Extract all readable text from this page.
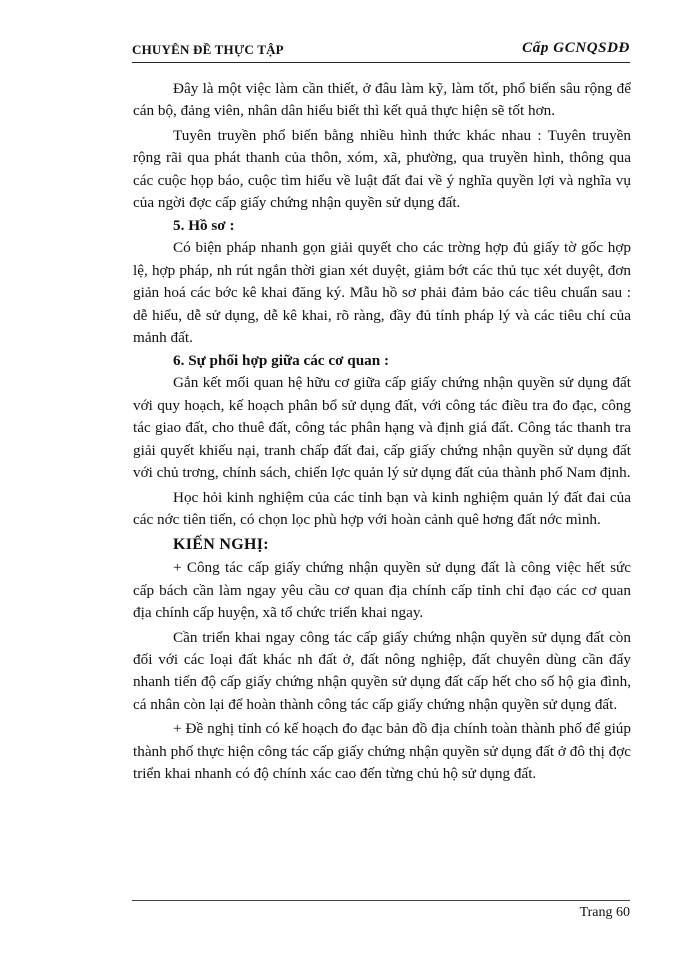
CHUYÊN ĐỀ THỰC TẬP	Cấp GCNQSDĐ

Đây là một việc làm cần thiết, ở đâu làm kỹ, làm tốt, phổ biến sâu rộng để cán bộ, đảng viên, nhân dân hiểu biết thì kết quả thực hiện sẽ tốt hơn.

Tuyên truyền phổ biến bằng nhiều hình thức khác nhau : Tuyên truyền rộng rãi qua phát thanh của thôn, xóm, xã, phường, qua truyền hình, thông qua các cuộc họp báo, cuộc tìm hiểu về luật đất đai về ý nghĩa quyền lợi và nghĩa vụ của ngời đợc cấp giấy chứng nhận quyền sử dụng đất.

5. Hồ sơ :

Có biện pháp nhanh gọn giải quyết cho các trờng hợp đủ giấy tờ gốc hợp lệ, hợp pháp, nh rút ngắn thời gian xét duyệt, giảm bớt các thủ tục xét duyệt, đơn giản hoá các bớc kê khai đăng ký. Mẫu hồ sơ phải đảm bảo các tiêu chuẩn sau : dễ hiểu, dễ sử dụng, dễ kê khai, rõ ràng, đầy đủ tính pháp lý và các tiêu chí của mảnh đất.

6. Sự phối hợp giữa các cơ quan :

Gắn kết mối quan hệ hữu cơ giữa cấp giấy chứng nhận quyền sử dụng đất với quy hoạch, kế hoạch phân bổ sử dụng đất, với công tác điều tra đo đạc, công tác giao đất, cho thuê đất, công tác phân hạng và định giá đất. Công tác thanh tra giải quyết khiếu nại, tranh chấp đất đai, cấp giấy chứng nhận quyền sử dụng đất với chủ trơng, chính sách, chiến lợc quản lý sử dụng đất của thành phố Nam định.

Học hỏi kinh nghiệm của các tỉnh bạn và kinh nghiệm quản lý đất đai của các nớc tiên tiến, có chọn lọc phù hợp với hoàn cảnh quê hơng đất nớc mình.

KIẾN NGHỊ:

+ Công tác cấp giấy chứng nhận quyền sử dụng đất là công việc hết sức cấp bách cần làm ngay yêu cầu cơ quan địa chính cấp tỉnh chỉ đạo các cơ quan địa chính cấp huyện, xã tổ chức triển khai ngay.

Cần triển khai ngay công tác cấp giấy chứng nhận quyền sử dụng đất còn đối với các loại đất khác nh đất ở, đất nông nghiệp, đất chuyên dùng cần đẩy nhanh tiến độ cấp giấy chứng nhận quyền sử dụng đất cấp hết cho số hộ gia đình, cá nhân còn lại để hoàn thành công tác cấp giấy chứng nhận quyền sử dụng đất.

+ Đề nghị tỉnh có kế hoạch đo đạc bản đồ địa chính toàn thành phố để giúp thành phố thực hiện công tác cấp giấy chứng nhận quyền sử dụng đất ở đô thị đợc triển khai nhanh có độ chính xác cao đến từng chủ hộ sử dụng đất.

Trang 60
